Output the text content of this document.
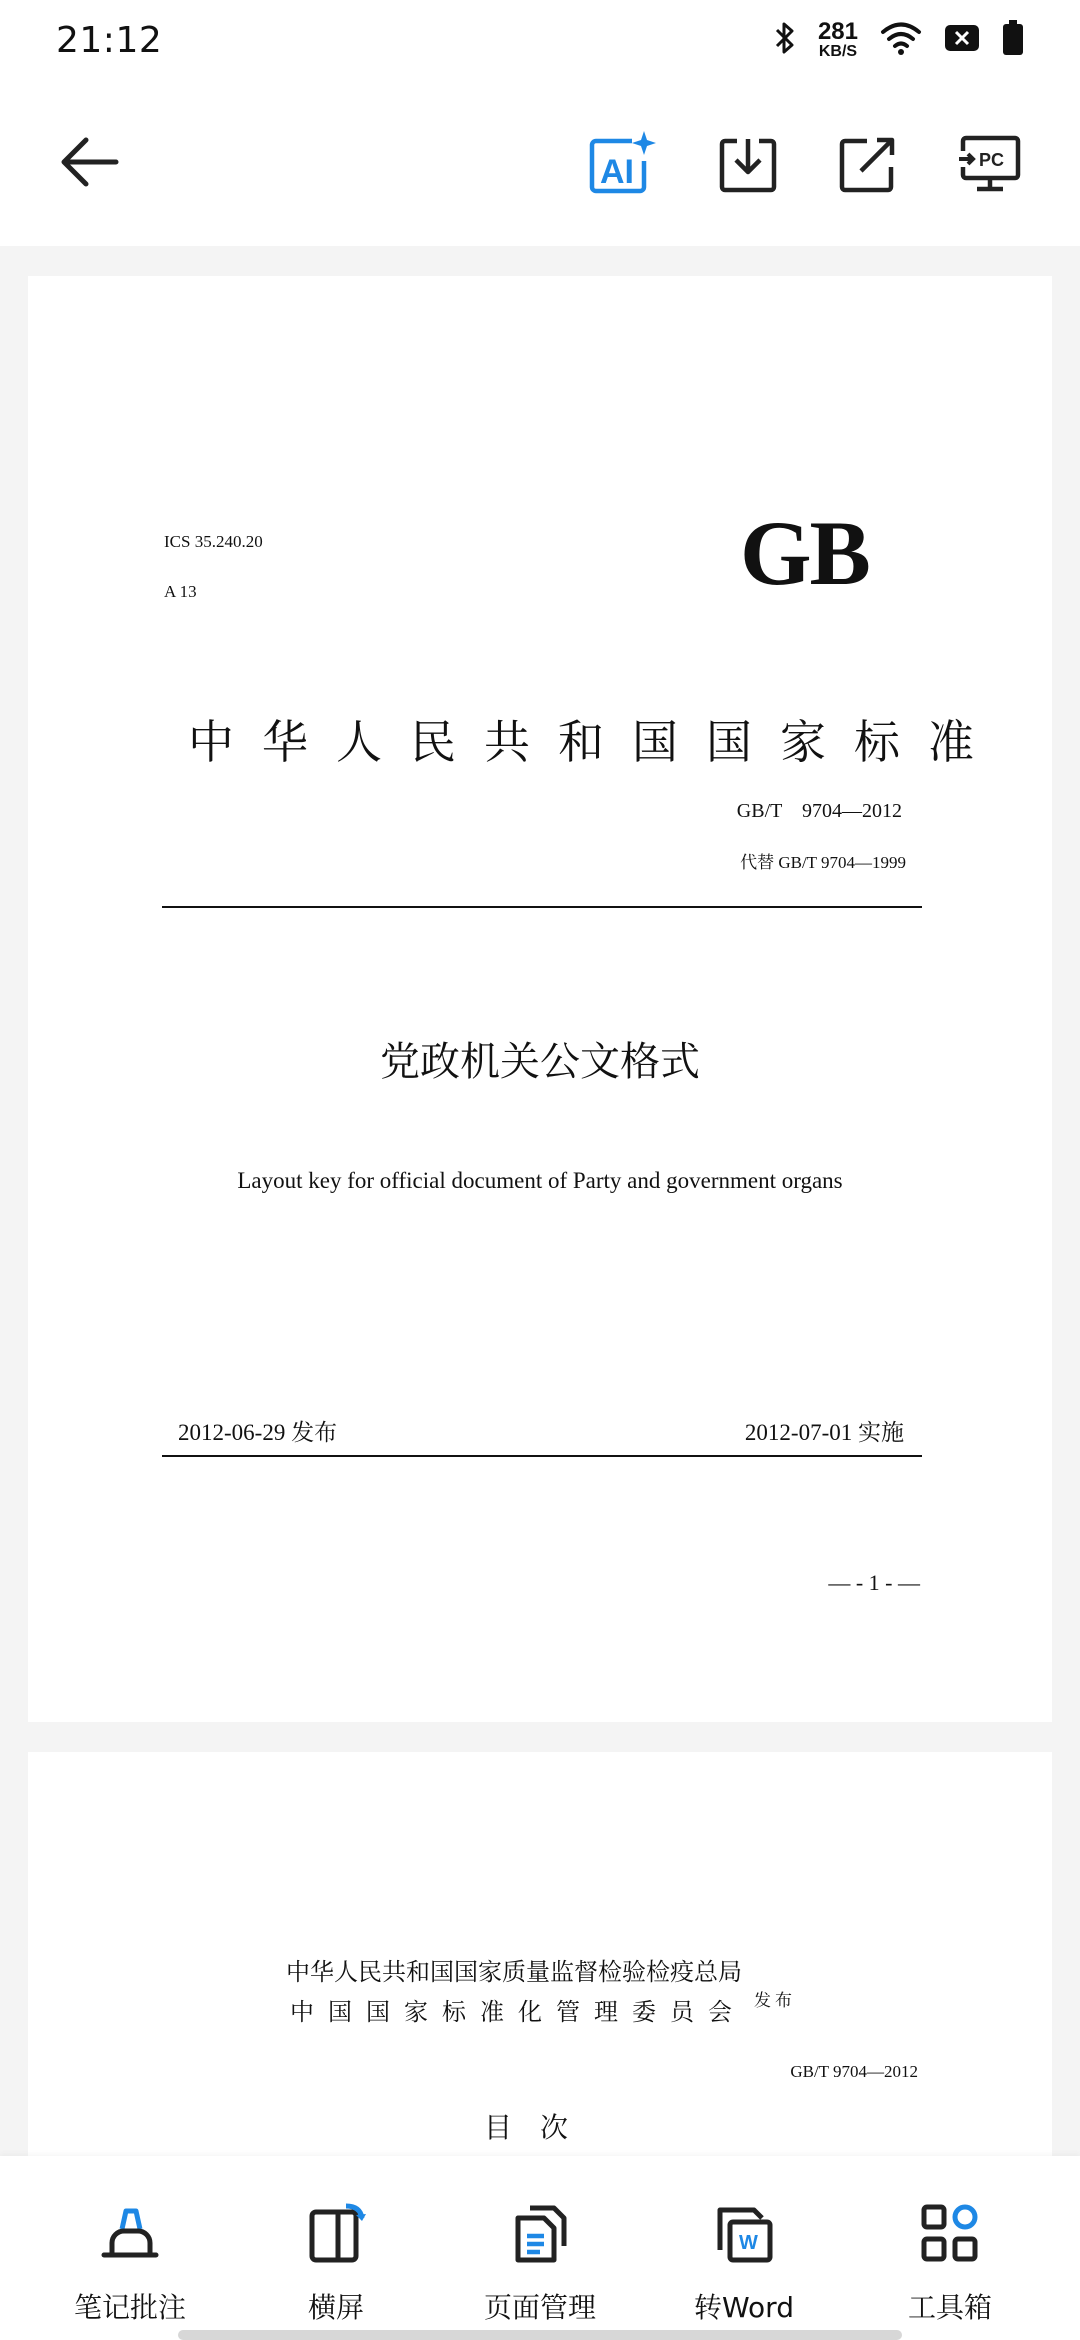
21:12	281
KB/S
AI	PC
ICS 35.240.20
A 13	GB
中华人民共和国国家标准
GB/T    9704—2012
代替 GB/T 9704—1999
党政机关公文格式
Layout key for official document of Party and government organs
2012-06-29 发布	2012-07-01 实施
— - 1 - —
中华人民共和国国家质量监督检验检疫总局
中国国家标准化管理委员会 发布
GB/T 9704—2012
目次
笔记批注	横屏	页面管理
W
转Word	工具箱
